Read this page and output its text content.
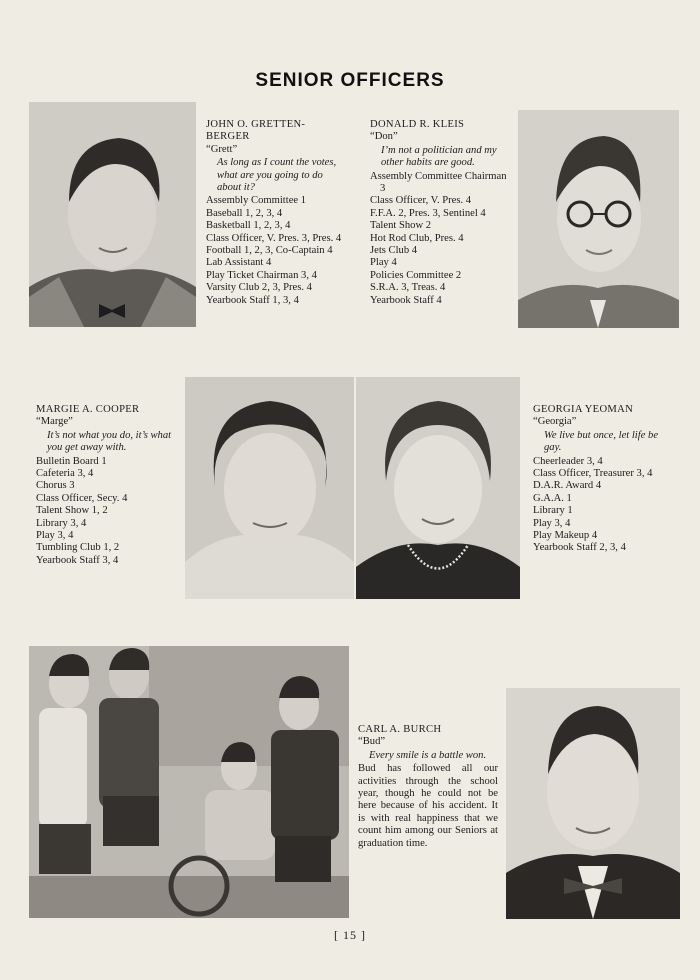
SENIOR OFFICERS

JOHN O. GRETTEN-BERGER

“Grett”

As long as I count the votes, what are you going to do about it?

Assembly Committee 1

Baseball 1, 2, 3, 4

Basketball 1, 2, 3, 4

Class Officer, V. Pres. 3, Pres. 4

Football 1, 2, 3, Co-Captain 4

Lab Assistant 4

Play Ticket Chairman 3, 4

Varsity Club 2, 3, Pres. 4

Yearbook Staff 1, 3, 4

DONALD R. KLEIS

“Don”

I’m not a politician and my other habits are good.

Assembly Committee Chairman 3

Class Officer, V. Pres. 4

F.F.A. 2, Pres. 3, Sentinel 4

Talent Show 2

Hot Rod Club, Pres. 4

Jets Club 4

Play 4

Policies Committee 2

S.R.A. 3, Treas. 4

Yearbook Staff 4

MARGIE A. COOPER

“Marge”

It’s not what you do, it’s what you get away with.

Bulletin Board 1

Cafeteria 3, 4

Chorus 3

Class Officer, Secy. 4

Talent Show 1, 2

Library 3, 4

Play 3, 4

Tumbling Club 1, 2

Yearbook Staff 3, 4

GEORGIA YEOMAN

“Georgia”

We live but once, let life be gay.

Cheerleader 3, 4

Class Officer, Treasurer 3, 4

D.A.R. Award 4

G.A.A. 1

Library 1

Play 3, 4

Play Makeup 4

Yearbook Staff 2, 3, 4

CARL A. BURCH

“Bud”

Every smile is a battle won.

Bud has followed all our activities through the school year, though he could not be here because of his accident. It is with real happiness that we count him among our Seniors at graduation time.

[ 15 ]
